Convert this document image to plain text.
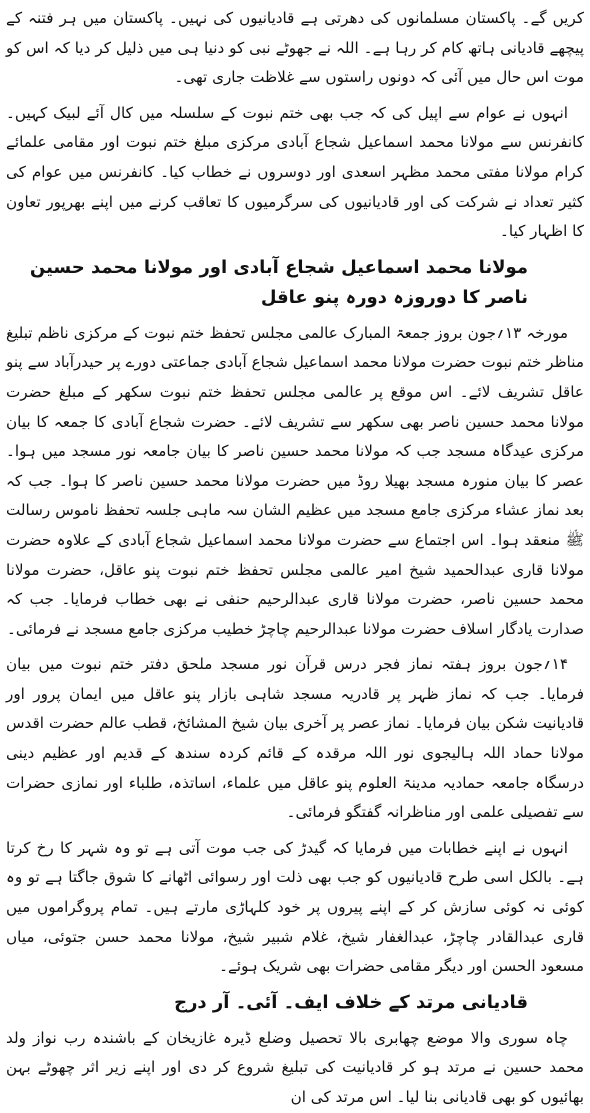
کریں گے۔ پاکستان مسلمانوں کی دھرتی ہے قادیانیوں کی نہیں۔ پاکستان میں ہر فتنہ کے پیچھے قادیانی ہاتھ کام کر رہا ہے۔ اللہ نے جھوٹے نبی کو دنیا ہی میں ذلیل کر دیا کہ اس کو موت اس حال میں آئی کہ دونوں راستوں سے غلاظت جاری تھی۔

انہوں نے عوام سے اپیل کی کہ جب بھی ختم نبوت کے سلسلہ میں کال آئے لبیک کہیں۔ کانفرنس سے مولانا محمد اسماعیل شجاع آبادی مرکزی مبلغ ختم نبوت اور مقامی علمائے کرام مولانا مفتی محمد مظہر اسعدی اور دوسروں نے خطاب کیا۔ کانفرنس میں عوام کی کثیر تعداد نے شرکت کی اور قادیانیوں کی سرگرمیوں کا تعاقب کرنے میں اپنے بھرپور تعاون کا اظہار کیا۔

مولانا محمد اسماعیل شجاع آبادی اور مولانا محمد حسین ناصر کا دوروزہ دورہ پنو عاقل

مورخہ ۱۳؍جون بروز جمعۃ المبارک عالمی مجلس تحفظ ختم نبوت کے مرکزی ناظم تبلیغ مناظر ختم نبوت حضرت مولانا محمد اسماعیل شجاع آبادی جماعتی دورے پر حیدرآباد سے پنو عاقل تشریف لائے۔ اس موقع پر عالمی مجلس تحفظ ختم نبوت سکھر کے مبلغ حضرت مولانا محمد حسین ناصر بھی سکھر سے تشریف لائے۔ حضرت شجاع آبادی کا جمعہ کا بیان مرکزی عیدگاہ مسجد جب کہ مولانا محمد حسین ناصر کا بیان جامعہ نور مسجد میں ہوا۔ عصر کا بیان منورہ مسجد بھیلا روڈ میں حضرت مولانا محمد حسین ناصر کا ہوا۔ جب کہ بعد نماز عشاء مرکزی جامع مسجد میں عظیم الشان سہ ماہی جلسہ تحفظ ناموس رسالت ﷺ منعقد ہوا۔ اس اجتماع سے حضرت مولانا محمد اسماعیل شجاع آبادی کے علاوہ حضرت مولانا قاری عبدالحمید شیخ امیر عالمی مجلس تحفظ ختم نبوت پنو عاقل، حضرت مولانا محمد حسین ناصر، حضرت مولانا قاری عبدالرحیم حنفی نے بھی خطاب فرمایا۔ جب کہ صدارت یادگار اسلاف حضرت مولانا عبدالرحیم چاچڑ خطیب مرکزی جامع مسجد نے فرمائی۔

۱۴؍جون بروز ہفتہ نماز فجر درس قرآن نور مسجد ملحق دفتر ختم نبوت میں بیان فرمایا۔ جب کہ نماز ظہر پر قادریہ مسجد شاہی بازار پنو عاقل میں ایمان پرور اور قادیانیت شکن بیان فرمایا۔ نماز عصر پر آخری بیان شیخ المشائخ، قطب عالم حضرت اقدس مولانا حماد اللہ ہالیجوی نور اللہ مرقدہ کے قائم کردہ سندھ کے قدیم اور عظیم دینی درسگاہ جامعہ حمادیہ مدینۃ العلوم پنو عاقل میں علماء، اساتذہ، طلباء اور نمازی حضرات سے تفصیلی علمی اور مناظرانہ گفتگو فرمائی۔

انہوں نے اپنے خطابات میں فرمایا کہ گیدڑ کی جب موت آتی ہے تو وہ شہر کا رخ کرتا ہے۔ بالکل اسی طرح قادیانیوں کو جب بھی ذلت اور رسوائی اٹھانے کا شوق جاگتا ہے تو وہ کوئی نہ کوئی سازش کر کے اپنے پیروں پر خود کلہاڑی مارتے ہیں۔ تمام پروگراموں میں قاری عبدالقادر چاچڑ، عبدالغفار شیخ، غلام شبیر شیخ، مولانا محمد حسن جتوئی، میاں مسعود الحسن اور دیگر مقامی حضرات بھی شریک ہوئے۔

قادیانی مرتد کے خلاف ایف۔ آئی۔ آر درج

چاہ سوری والا موضع چھابری بالا تحصیل وضلع ڈیرہ غازیخان کے باشندہ رب نواز ولد محمد حسین نے مرتد ہو کر قادیانیت کی تبلیغ شروع کر دی اور اپنے زیر اثر چھوٹے بہن بھائیوں کو بھی قادیانی بنا لیا۔ اس مرتد کی ان
